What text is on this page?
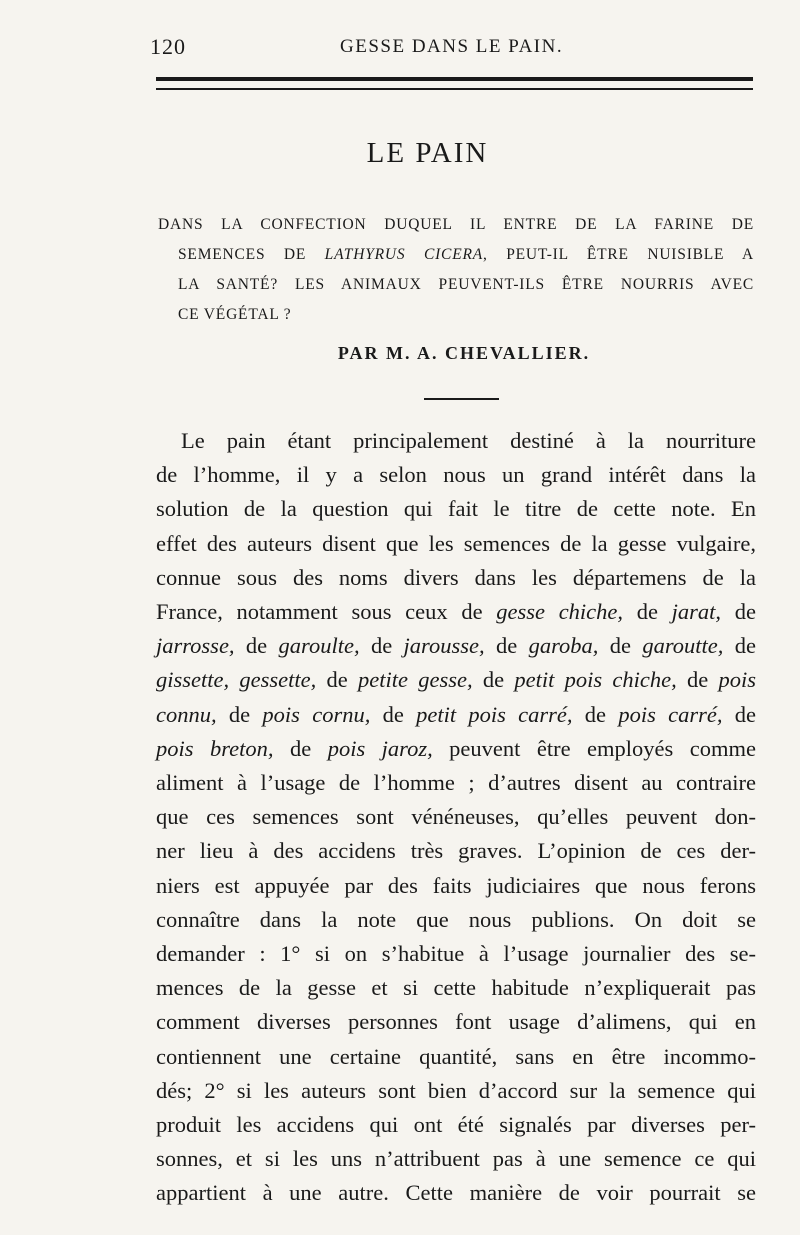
120	GESSE DANS LE PAIN.
LE PAIN
DANS LA CONFECTION DUQUEL IL ENTRE DE LA FARINE DE
SEMENCES DE LATHYRUS CICERA, PEUT-IL ÊTRE NUISIBLE A
LA SANTÉ? LES ANIMAUX PEUVENT-ILS ÊTRE NOURRIS AVEC
CE VÉGÉTAL ?
PAR M. A. CHEVALLIER.
Le pain étant principalement destiné à la nourriture
de l’homme, il y a selon nous un grand intérêt dans la
solution de la question qui fait le titre de cette note. En
effet des auteurs disent que les semences de la gesse vulgaire,
connue sous des noms divers dans les départemens de la
France, notamment sous ceux de gesse chiche, de jarat, de
jarrosse, de garoulte, de jarousse, de garoba, de garoutte, de
gissette, gessette, de petite gesse, de petit pois chiche, de pois
connu, de pois cornu, de petit pois carré, de pois carré, de
pois breton, de pois jaroz, peuvent être employés comme
aliment à l’usage de l’homme ; d’autres disent au contraire
que ces semences sont vénéneuses, qu’elles peuvent don-
ner lieu à des accidens très graves. L’opinion de ces der-
niers est appuyée par des faits judiciaires que nous ferons
connaître dans la note que nous publions. On doit se
demander : 1° si on s’habitue à l’usage journalier des se-
mences de la gesse et si cette habitude n’expliquerait pas
comment diverses personnes font usage d’alimens, qui en
contiennent une certaine quantité, sans en être incommo-
dés; 2° si les auteurs sont bien d’accord sur la semence qui
produit les accidens qui ont été signalés par diverses per-
sonnes, et si les uns n’attribuent pas à une semence ce qui
appartient à une autre. Cette manière de voir pourrait se
